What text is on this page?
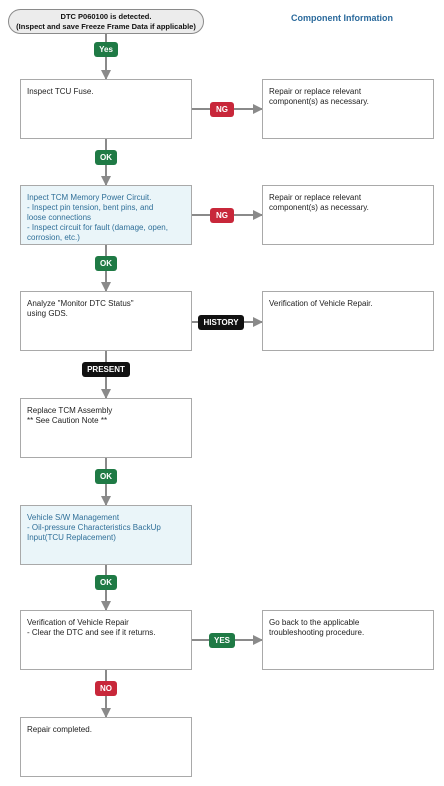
DTC P060100 is detected.
(Inspect and save Freeze Frame Data if applicable)
Component Information
Inspect TCU Fuse.
Inpect TCM Memory Power Circuit.
- Inspect pin tension, bent pins, and
loose connections
- Inspect circuit for fault (damage, open,
corrosion, etc.)
Analyze "Monitor DTC Status"
using GDS.
Replace TCM Assembly
** See Caution Note **
Vehicle S/W Management
- Oil-pressure Characteristics BackUp
Input(TCU Replacement)
Verification of Vehicle Repair
- Clear the DTC and see if it returns.
Repair completed.
Repair or replace relevant
component(s) as necessary.
Repair or replace relevant
component(s) as necessary.
Verification of Vehicle Repair.
Go back to the applicable
troubleshooting procedure.
Yes
NG
OK
NG
OK
HISTORY
PRESENT
OK
OK
YES
NO
